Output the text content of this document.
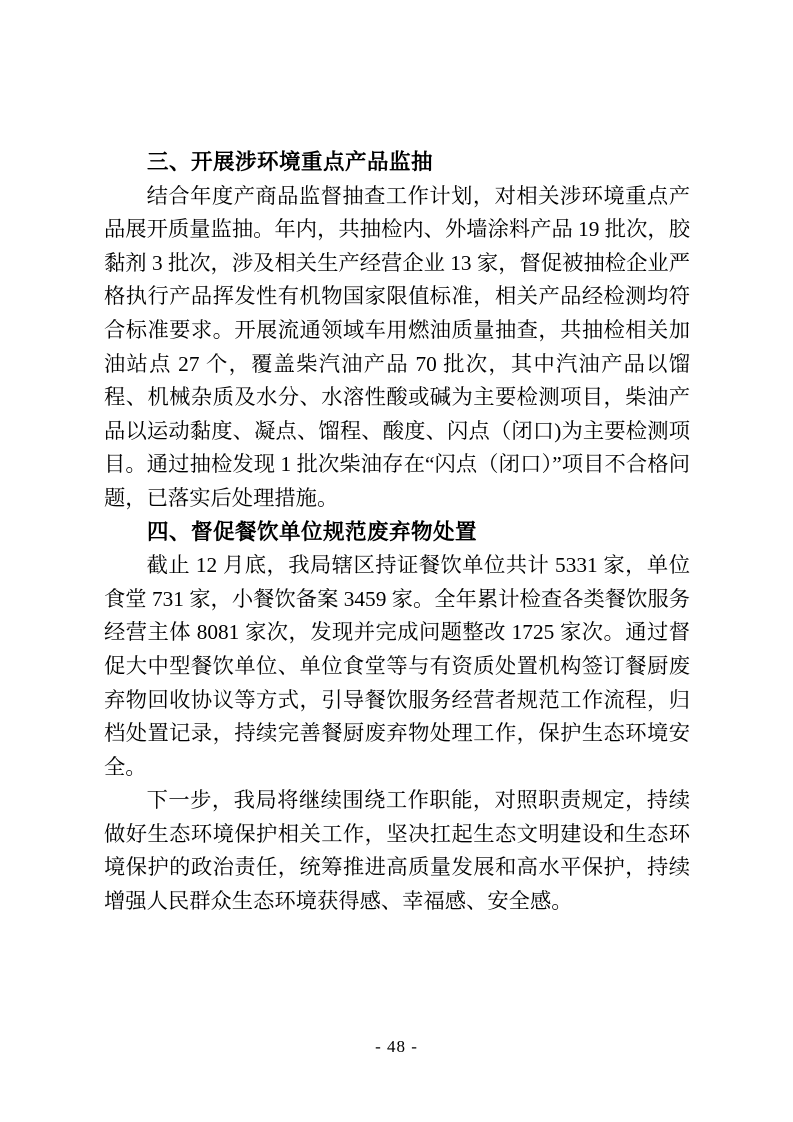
三、开展涉环境重点产品监抽

结合年度产商品监督抽查工作计划，对相关涉环境重点产品展开质量监抽。年内，共抽检内、外墙涂料产品 19 批次，胶黏剂 3 批次，涉及相关生产经营企业 13 家，督促被抽检企业严格执行产品挥发性有机物国家限值标准，相关产品经检测均符合标准要求。开展流通领域车用燃油质量抽查，共抽检相关加油站点 27 个，覆盖柴汽油产品 70 批次，其中汽油产品以馏程、机械杂质及水分、水溶性酸或碱为主要检测项目，柴油产品以运动黏度、凝点、馏程、酸度、闪点（闭口)为主要检测项目。通过抽检发现 1 批次柴油存在“闪点（闭口）”项目不合格问题，已落实后处理措施。

四、督促餐饮单位规范废弃物处置

截止 12 月底，我局辖区持证餐饮单位共计 5331 家，单位食堂 731 家，小餐饮备案 3459 家。全年累计检查各类餐饮服务经营主体 8081 家次，发现并完成问题整改 1725 家次。通过督促大中型餐饮单位、单位食堂等与有资质处置机构签订餐厨废弃物回收协议等方式，引导餐饮服务经营者规范工作流程，归档处置记录，持续完善餐厨废弃物处理工作，保护生态环境安全。

下一步，我局将继续围绕工作职能，对照职责规定，持续做好生态环境保护相关工作，坚决扛起生态文明建设和生态环境保护的政治责任，统筹推进高质量发展和高水平保护，持续增强人民群众生态环境获得感、幸福感、安全感。

- 48 -
